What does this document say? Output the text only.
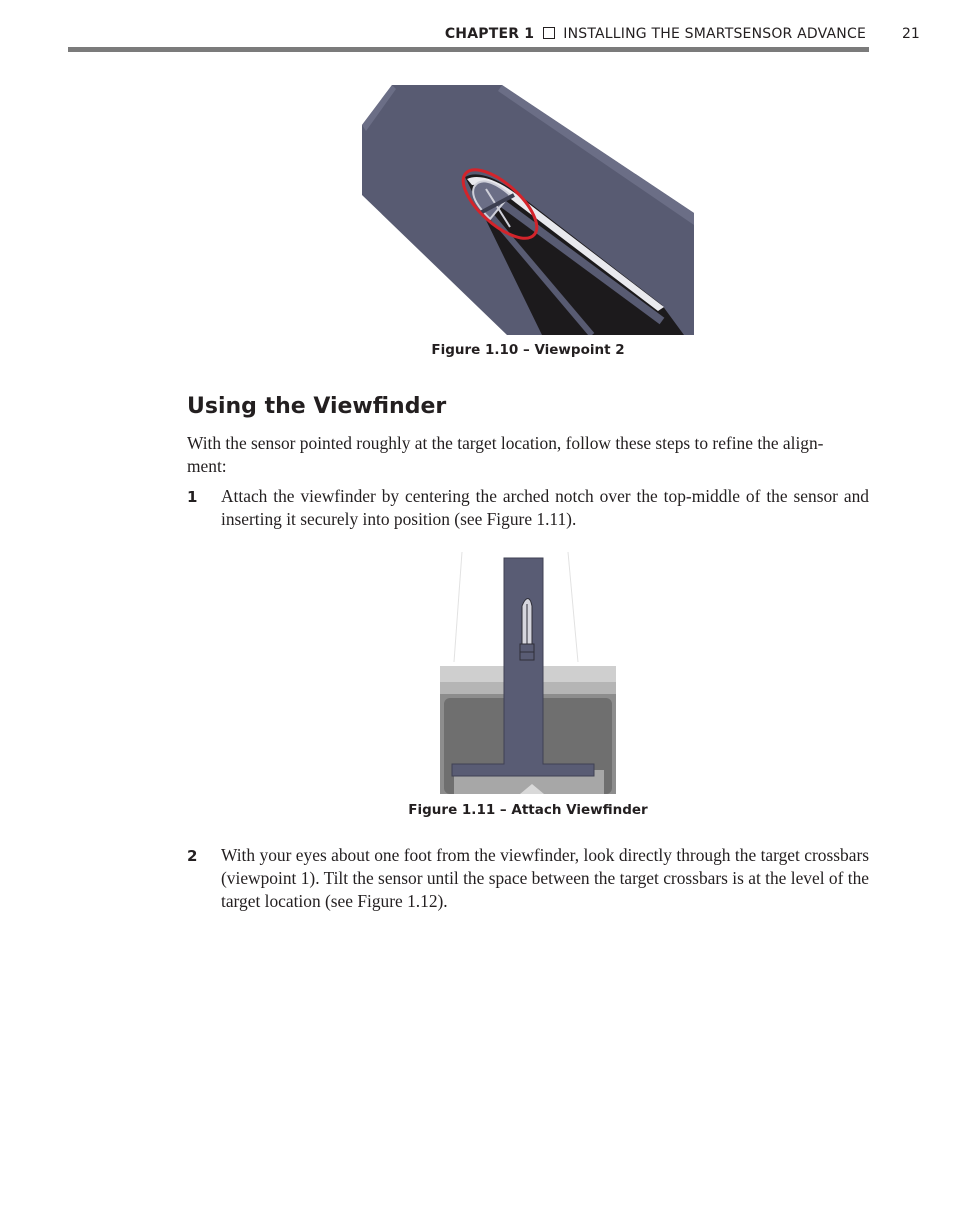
CHAPTER 1 INSTALLING THE SMARTSENSOR ADVANCE	21
Figure 1.10 – Viewpoint 2
Using the Viewfinder
With the sensor pointed roughly at the target location, follow these steps to refine the align-
ment:
1 Attach the viewfinder by centering the arched notch over the top-middle of the sensor and inserting it securely into position (see Figure 1.11).
Figure 1.11 – Attach Viewfinder
2 With your eyes about one foot from the viewfinder, look directly through the target crossbars (viewpoint 1). Tilt the sensor until the space between the target crossbars is at the level of the target location (see Figure 1.12).
